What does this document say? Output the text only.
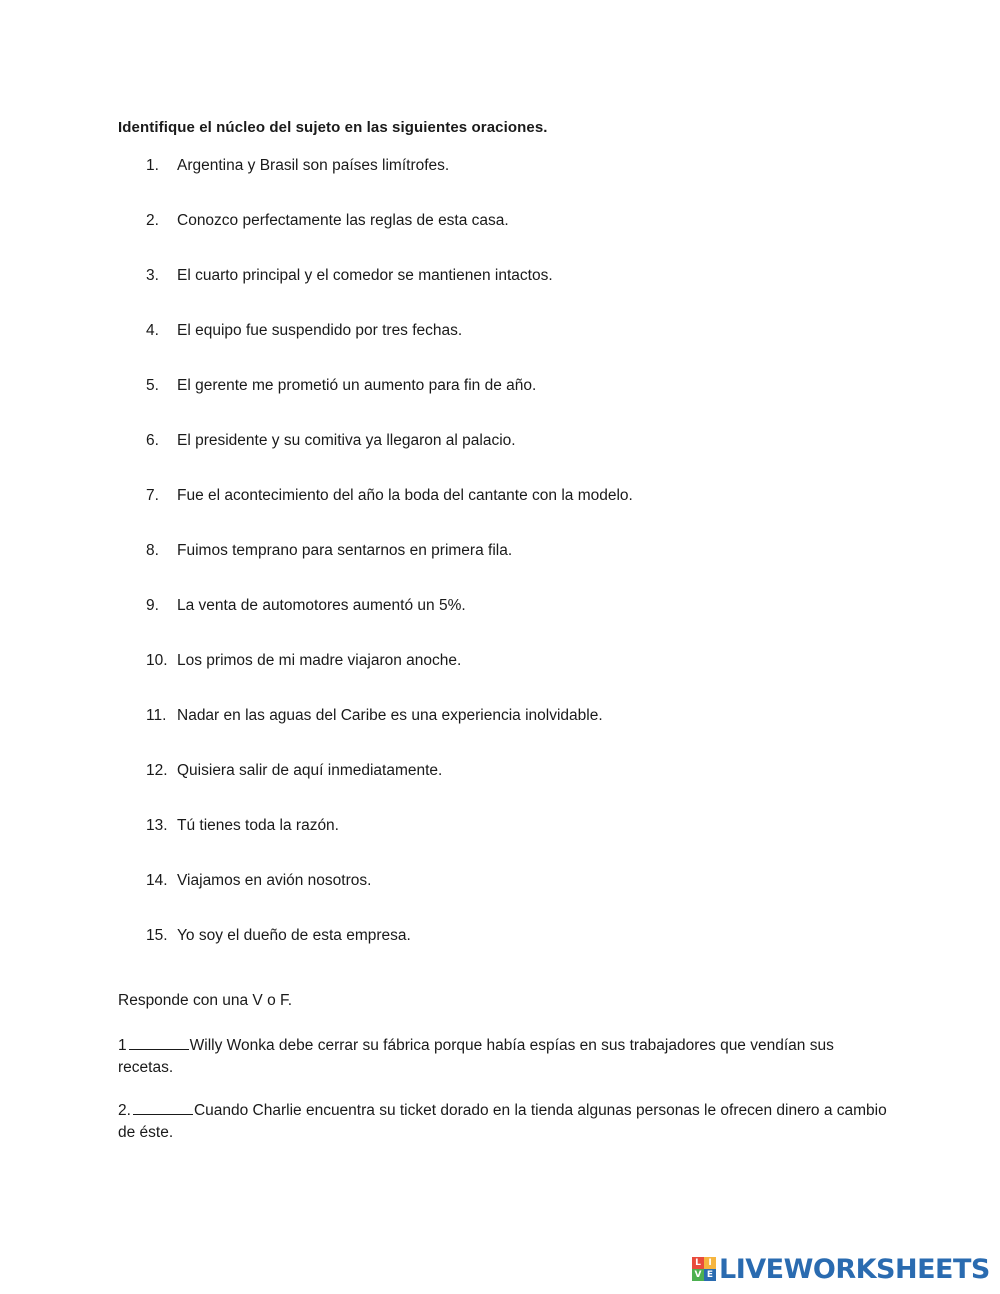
Identifique el núcleo del sujeto en las siguientes oraciones.
1.	Argentina y Brasil son países limítrofes.
2.	Conozco perfectamente las reglas de esta casa.
3.	El cuarto principal y el comedor se mantienen intactos.
4.	El equipo fue suspendido por tres fechas.
5.	El gerente me prometió un aumento para fin de año.
6.	El presidente y su comitiva ya llegaron al palacio.
7.	Fue el acontecimiento del año la boda del cantante con la modelo.
8.	Fuimos temprano para sentarnos en primera fila.
9.	La venta de automotores aumentó un 5%.
10. Los primos de mi madre viajaron anoche.
11. Nadar en las aguas del Caribe es una experiencia inolvidable.
12. Quisiera salir de aquí inmediatamente.
13. Tú tienes toda la razón.
14. Viajamos en avión nosotros.
15. Yo soy el dueño de esta empresa.
Responde con una V o F.
1	Willy Wonka debe cerrar su fábrica porque había espías en sus trabajadores que vendían sus recetas.
2.	Cuando Charlie encuentra su ticket dorado en la tienda algunas personas le ofrecen dinero a cambio de éste.
L I
V E LIVEWORKSHEETS
